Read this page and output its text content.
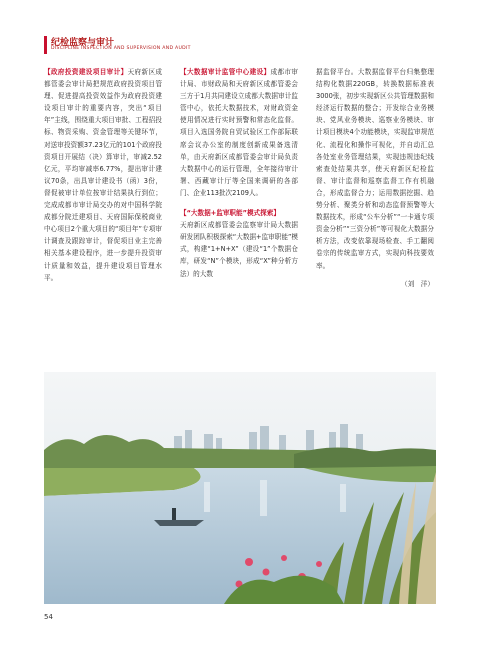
纪检监察与审计
DISCIPLINE INSPECTION AND SUPERVISION AND AUDIT

【政府投资建设项目审计】天府新区成都管委会审计局把规范政府投资项目管理、促进提高投资效益作为政府投资建设项目审计的重要内容，突出“项目年”主线，围绕重大项目审批、工程招投标、物资采购、资金管理等关键环节，对送审投资额37.23亿元的101个政府投资项目开展结（决）算审计，审减2.52亿元，平均审减率6.77%，提出审计建议70条，出具审计建设书（函）3份，督促被审计单位按审计结果执行到位；完成成都市审计局交办的对中国科学院成都分院迁建项目、天府国际保税商业中心项目2个重大项目的“项目年”专项审计调查及跟踪审计，督促项目业主完善相关基本建设程序，进一步提升投资审计质量和效益，提升建设项目管理水平。

【大数据审计监管中心建设】成都市审计局、市财政局和天府新区成都管委会三方于1月共同建设立成都大数据审计监管中心，依托大数据技术，对财政资金使用情况进行实时预警和常态化监督。项目入选国务院自贸试验区工作部际联席会议办公室的制度创新成果备选清单，由天府新区成都管委会审计局负责大数据中心的运行管理，全年接待审计署、西藏审计厅等全国来调研的各部门、企业113批次2109人。

【“大数据+监审职能”模式探索】
天府新区成都管委会监察审计局大数据研发团队积极探索“大数据+监审职能”模式，构建“1+N+X”（建设“1”个数据仓库，研发“N”个模块，形成“X”种分析方法）的大数

据监督平台。大数据监督平台归集整理结构化数据220GB，转换数据标准表3000张，初步实现新区公共管理数据和经济运行数据的整合；开发综合业务模块、党风业务模块、巡察业务模块、审计项目模块4个功能模块，实现监审规范化、流程化和操作可视化，并自动汇总各处室业务管理结果，实现违规违纪线索查处结果共享，使天府新区纪检监督、审计监督和巡察监督工作有机融合，形成监督合力；运用数据挖掘、趋势分析、聚类分析和动态监督预警等大数据技术，形成“公车分析”“一卡通专项资金分析”“三资分析”等可视化大数据分析方法，改变依靠现场检查、手工翻阅卷宗的传统监审方式，实现向科技要效率。

（刘　洋）

54
